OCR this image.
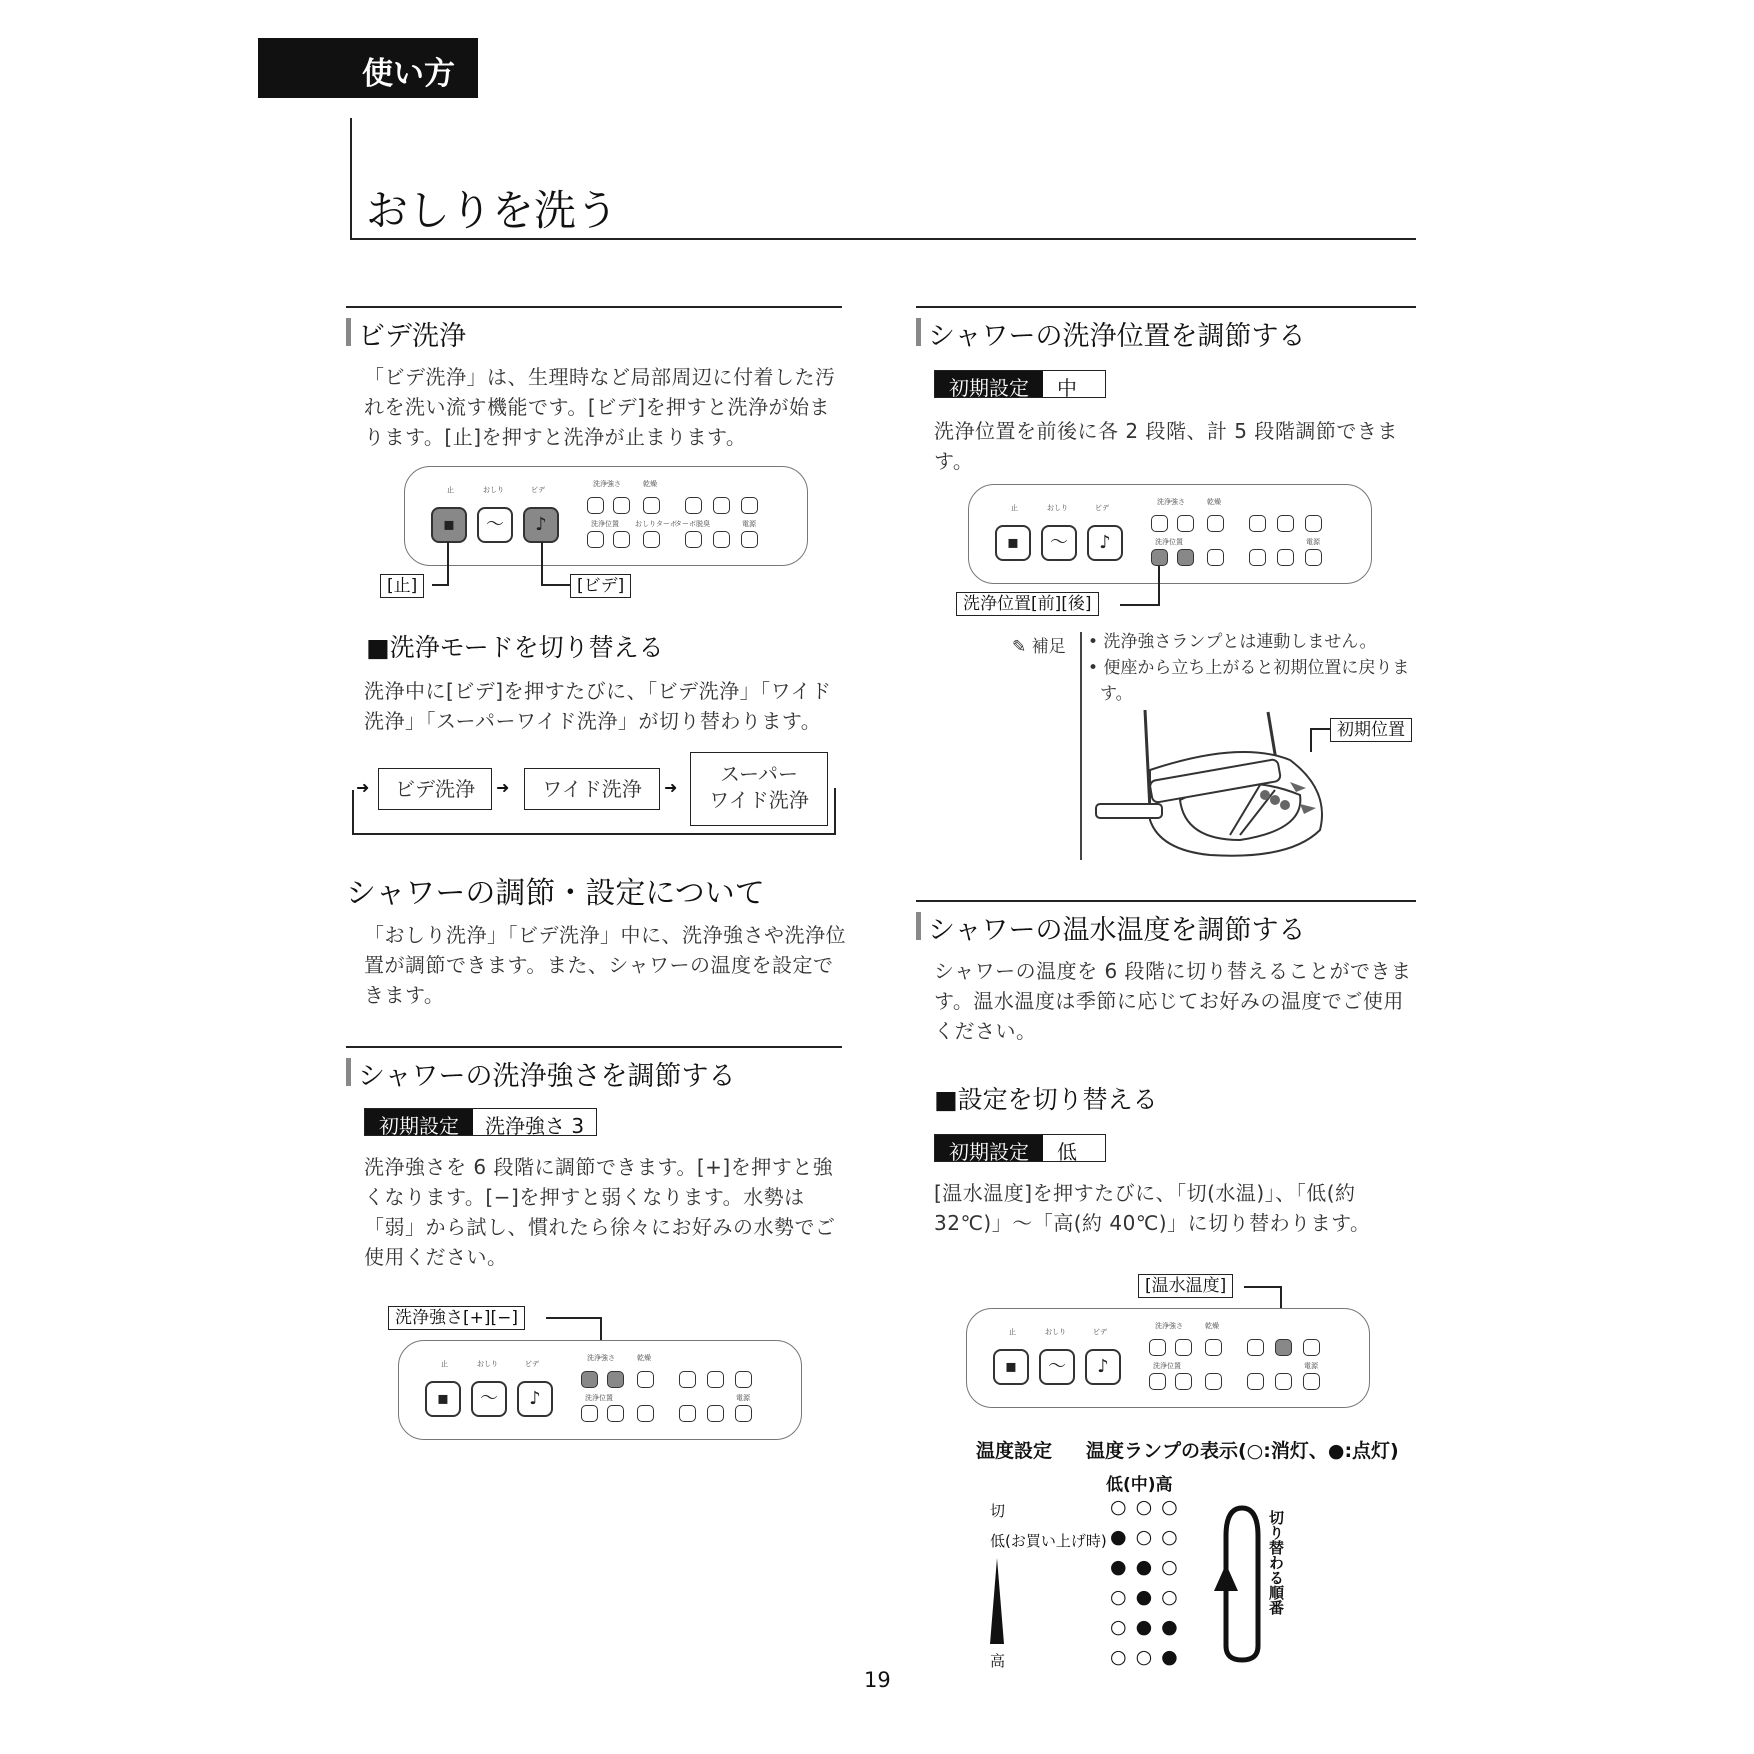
使い方
おしりを洗う
ビデ洗浄
「ビデ洗浄」は、生理時など局部周辺に付着した汚れを洗い流す機能です。[ビデ]を押すと洗浄が始まります。[止]を押すと洗浄が止まります。
止	おしり	ビデ
洗浄強さ	乾燥
洗浄位置 おしりターボ
ターボ脱臭	電源
▪	〜	♪
[止]	[ビデ]
■洗浄モードを切り替える
洗浄中に[ビデ]を押すたびに、「ビデ洗浄」「ワイド洗浄」「スーパーワイド洗浄」が切り替わります。
ビデ洗浄	➜	ワイド洗浄	➜
スーパー
ワイド洗浄
➜
シャワーの調節・設定について
「おしり洗浄」「ビデ洗浄」中に、洗浄強さや洗浄位置が調節できます。また、シャワーの温度を設定できます。
シャワーの洗浄強さを調節する
初期設定	洗浄強さ 3
洗浄強さを 6 段階に調節できます。[+]を押すと強くなります。[−]を押すと弱くなります。水勢は「弱」から試し、慣れたら徐々にお好みの水勢でご使用ください。
洗浄強さ[+][−]
止	おしり	ビデ
洗浄強さ	乾燥
洗浄位置	電源
▪	〜	♪
シャワーの洗浄位置を調節する
初期設定	中
洗浄位置を前後に各 2 段階、計 5 段階調節できます。
止	おしり	ビデ
洗浄強さ	乾燥
洗浄位置	電源
▪	〜	♪
洗浄位置[前][後]
✎ 補足 • 洗浄強さランプとは連動しません。
• 便座から立ち上がると初期位置に戻りま
す。
初期位置
シャワーの温水温度を調節する
シャワーの温度を 6 段階に切り替えることができます。温水温度は季節に応じてお好みの温度でご使用ください。
■設定を切り替える
初期設定	低
[温水温度]を押すたびに、「切(水温)」、「低(約32℃)」〜「高(約 40℃)」に切り替わります。
[温水温度]
止	おしり	ビデ
洗浄強さ	乾燥
洗浄位置	電源
▪	〜	♪
温度設定 温度ランプの表示(○:消灯、●:点灯)
低(中)高
切	○○○
低(お買い上げ時) ●○○
●●○
○●○
○●●
高	○○●
切り替わる順番
19
